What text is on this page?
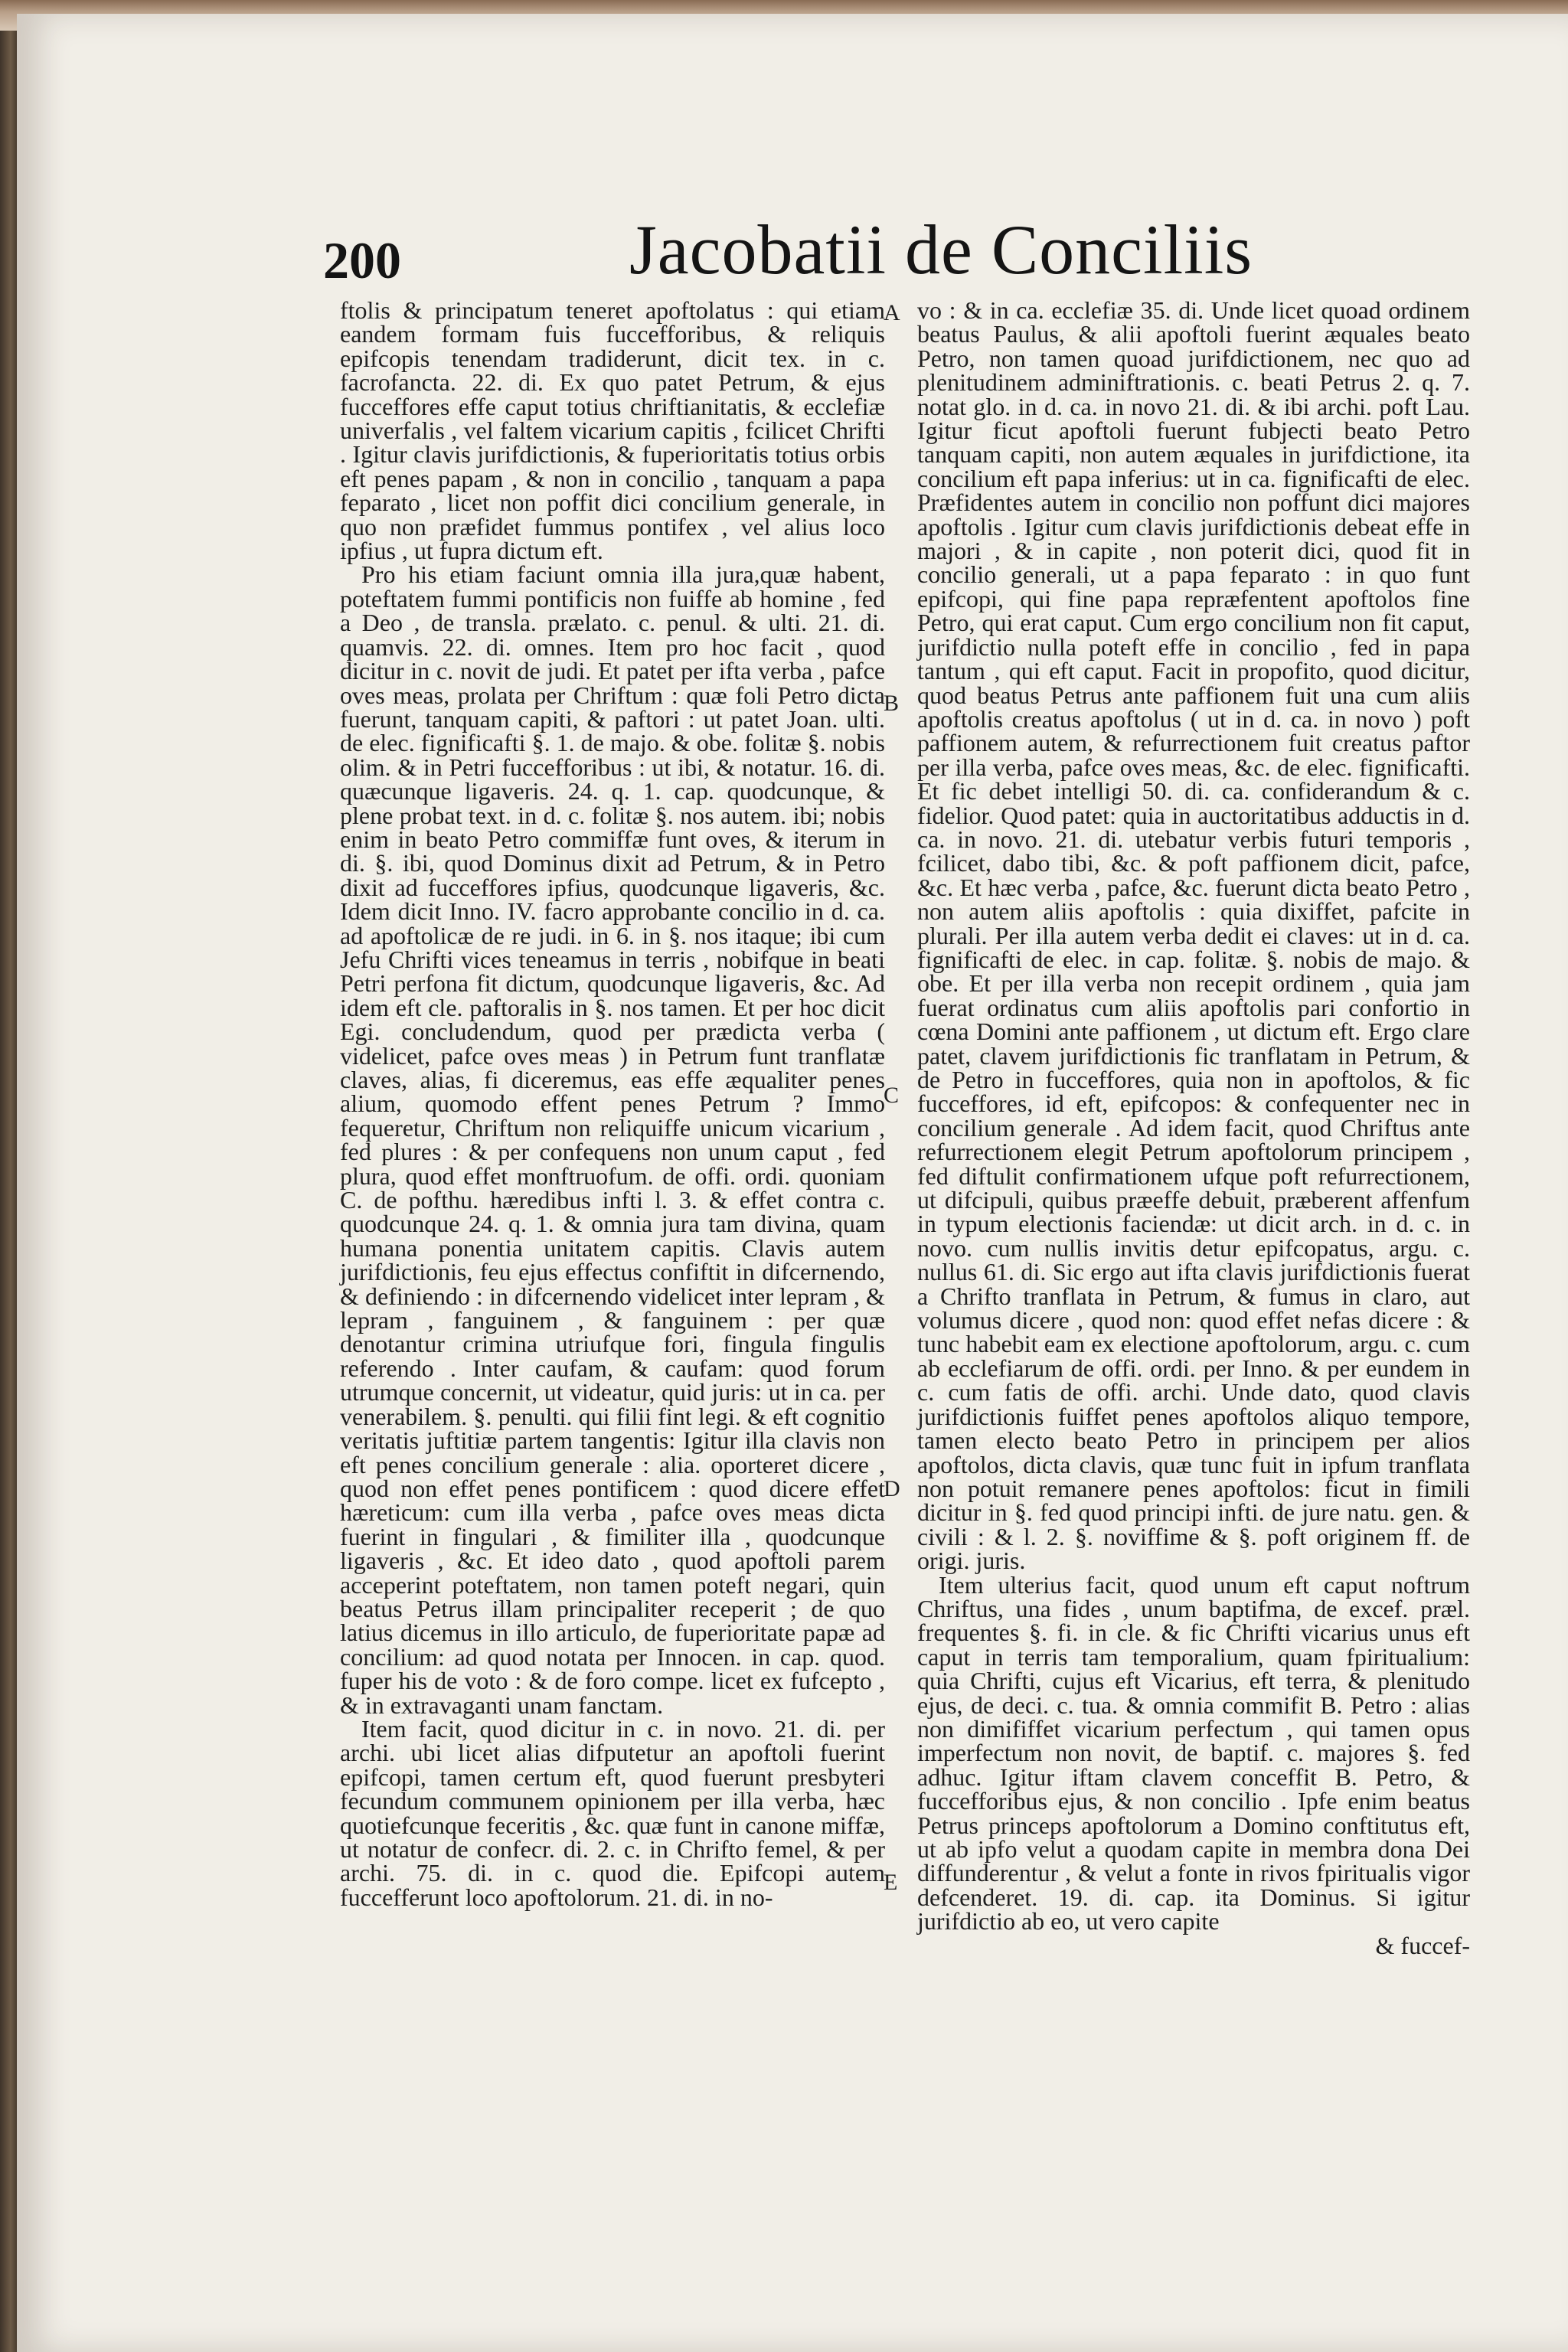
200	Jacobatii de Conciliis

ftolis & principatum teneret apoftolatus : qui etiam eandem formam fuis fuccefforibus, & reliquis epifcopis tenendam tradiderunt, dicit tex. in c. facrofancta. 22. di. Ex quo patet Petrum, & ejus fucceffores effe caput totius chriftianitatis, & ecclefiæ univerfalis , vel faltem vicarium capitis , fcilicet Chrifti . Igitur clavis jurifdictionis, & fuperioritatis totius orbis eft penes papam , & non in concilio , tanquam a papa feparato , licet non poffit dici concilium generale, in quo non præfidet fummus pontifex , vel alius loco ipfius , ut fupra dictum eft.

Pro his etiam faciunt omnia illa jura,quæ habent, poteftatem fummi pontificis non fuiffe ab homine , fed a Deo , de transla. prælato. c. penul. & ulti. 21. di. quamvis. 22. di. omnes. Item pro hoc facit , quod dicitur in c. novit de judi. Et patet per ifta verba , pafce oves meas, prolata per Chriftum : quæ foli Petro dicta fuerunt, tanquam capiti, & paftori : ut patet Joan. ulti. de elec. fignificafti §. 1. de majo. & obe. folitæ §. nobis olim. & in Petri fuccefforibus : ut ibi, & notatur. 16. di. quæcunque ligaveris. 24. q. 1. cap. quodcunque, & plene probat text. in d. c. folitæ §. nos autem. ibi; nobis enim in beato Petro commiffæ funt oves, & iterum in di. §. ibi, quod Dominus dixit ad Petrum, & in Petro dixit ad fucceffores ipfius, quodcunque ligaveris, &c. Idem dicit Inno. IV. facro approbante concilio in d. ca. ad apoftolicæ de re judi. in 6. in §. nos itaque; ibi cum Jefu Chrifti vices teneamus in terris , nobifque in beati Petri perfona fit dictum, quodcunque ligaveris, &c. Ad idem eft cle. paftoralis in §. nos tamen. Et per hoc dicit Egi. concludendum, quod per prædicta verba ( videlicet, pafce oves meas ) in Petrum funt tranflatæ claves, alias, fi diceremus, eas effe æqualiter penes alium, quomodo effent penes Petrum ? Immo fequeretur, Chriftum non reliquiffe unicum vicarium , fed plures : & per confequens non unum caput , fed plura, quod effet monftruofum. de offi. ordi. quoniam C. de pofthu. hæredibus infti l. 3. & effet contra c. quodcunque 24. q. 1. & omnia jura tam divina, quam humana ponentia unitatem capitis. Clavis autem jurifdictionis, feu ejus effectus confiftit in difcernendo, & definiendo : in difcernendo videlicet inter lepram , & lepram , fanguinem , & fanguinem : per quæ denotantur crimina utriufque fori, fingula fingulis referendo . Inter caufam, & caufam: quod forum utrumque concernit, ut videatur, quid juris: ut in ca. per venerabilem. §. penulti. qui filii fint legi. & eft cognitio veritatis juftitiæ partem tangentis: Igitur illa clavis non eft penes concilium generale : alia. oporteret dicere , quod non effet penes pontificem : quod dicere effet hæreticum: cum illa verba , pafce oves meas dicta fuerint in fingulari , & fimiliter illa , quodcunque ligaveris , &c. Et ideo dato , quod apoftoli parem acceperint poteftatem, non tamen poteft negari, quin beatus Petrus illam principaliter receperit ; de quo latius dicemus in illo articulo, de fuperioritate papæ ad concilium: ad quod notata per Innocen. in cap. quod. fuper his de voto : & de foro compe. licet ex fufcepto , & in extravaganti unam fanctam.

Item facit, quod dicitur in c. in novo. 21. di. per archi. ubi licet alias difputetur an apoftoli fuerint epifcopi, tamen certum eft, quod fuerunt presbyteri fecundum communem opinionem per illa verba, hæc quotiefcunque feceritis , &c. quæ funt in canone miffæ, ut notatur de confecr. di. 2. c. in Chrifto femel, & per archi. 75. di. in c. quod die. Epifcopi autem fuccefferunt loco apoftolorum. 21. di. in no-

A
B
C
D
E

vo : & in ca. ecclefiæ 35. di. Unde licet quoad ordinem beatus Paulus, & alii apoftoli fuerint æquales beato Petro, non tamen quoad jurifdictionem, nec quo ad plenitudinem adminiftrationis. c. beati Petrus 2. q. 7. notat glo. in d. ca. in novo 21. di. & ibi archi. poft Lau. Igitur ficut apoftoli fuerunt fubjecti beato Petro tanquam capiti, non autem æquales in jurifdictione, ita concilium eft papa inferius: ut in ca. fignificafti de elec. Præfidentes autem in concilio non poffunt dici majores apoftolis . Igitur cum clavis jurifdictionis debeat effe in majori , & in capite , non poterit dici, quod fit in concilio generali, ut a papa feparato : in quo funt epifcopi, qui fine papa repræfentent apoftolos fine Petro, qui erat caput. Cum ergo concilium non fit caput, jurifdictio nulla poteft effe in concilio , fed in papa tantum , qui eft caput. Facit in propofito, quod dicitur, quod beatus Petrus ante paffionem fuit una cum aliis apoftolis creatus apoftolus ( ut in d. ca. in novo ) poft paffionem autem, & refurrectionem fuit creatus paftor per illa verba, pafce oves meas, &c. de elec. fignificafti. Et fic debet intelligi 50. di. ca. confiderandum & c. fidelior. Quod patet: quia in auctoritatibus adductis in d. ca. in novo. 21. di. utebatur verbis futuri temporis , fcilicet, dabo tibi, &c. & poft paffionem dicit, pafce, &c. Et hæc verba , pafce, &c. fuerunt dicta beato Petro , non autem aliis apoftolis : quia dixiffet, pafcite in plurali. Per illa autem verba dedit ei claves: ut in d. ca. fignificafti de elec. in cap. folitæ. §. nobis de majo. & obe. Et per illa verba non recepit ordinem , quia jam fuerat ordinatus cum aliis apoftolis pari confortio in cœna Domini ante paffionem , ut dictum eft. Ergo clare patet, clavem jurifdictionis fic tranflatam in Petrum, & de Petro in fucceffores, quia non in apoftolos, & fic fucceffores, id eft, epifcopos: & confequenter nec in concilium generale . Ad idem facit, quod Chriftus ante refurrectionem elegit Petrum apoftolorum principem , fed diftulit confirmationem ufque poft refurrectionem, ut difcipuli, quibus præeffe debuit, præberent affenfum in typum electionis faciendæ: ut dicit arch. in d. c. in novo. cum nullis invitis detur epifcopatus, argu. c. nullus 61. di. Sic ergo aut ifta clavis jurifdictionis fuerat a Chrifto tranflata in Petrum, & fumus in claro, aut volumus dicere , quod non: quod effet nefas dicere : & tunc habebit eam ex electione apoftolorum, argu. c. cum ab ecclefiarum de offi. ordi. per Inno. & per eundem in c. cum fatis de offi. archi. Unde dato, quod clavis jurifdictionis fuiffet penes apoftolos aliquo tempore, tamen electo beato Petro in principem per alios apoftolos, dicta clavis, quæ tunc fuit in ipfum tranflata non potuit remanere penes apoftolos: ficut in fimili dicitur in §. fed quod principi infti. de jure natu. gen. & civili : & l. 2. §. noviffime & §. poft originem ff. de origi. juris.

Item ulterius facit, quod unum eft caput noftrum Chriftus, una fides , unum baptifma, de excef. præl. frequentes §. fi. in cle. & fic Chrifti vicarius unus eft caput in terris tam temporalium, quam fpiritualium: quia Chrifti, cujus eft Vicarius, eft terra, & plenitudo ejus, de deci. c. tua. & omnia commifit B. Petro : alias non dimififfet vicarium perfectum , qui tamen opus imperfectum non novit, de baptif. c. majores §. fed adhuc. Igitur iftam clavem conceffit B. Petro, & fuccefforibus ejus, & non concilio . Ipfe enim beatus Petrus princeps apoftolorum a Domino conftitutus eft, ut ab ipfo velut a quodam capite in membra dona Dei diffunderentur , & velut a fonte in rivos fpiritualis vigor defcenderet. 19. di. cap. ita Dominus. Si igitur jurifdictio ab eo, ut vero capite

& fuccef-
